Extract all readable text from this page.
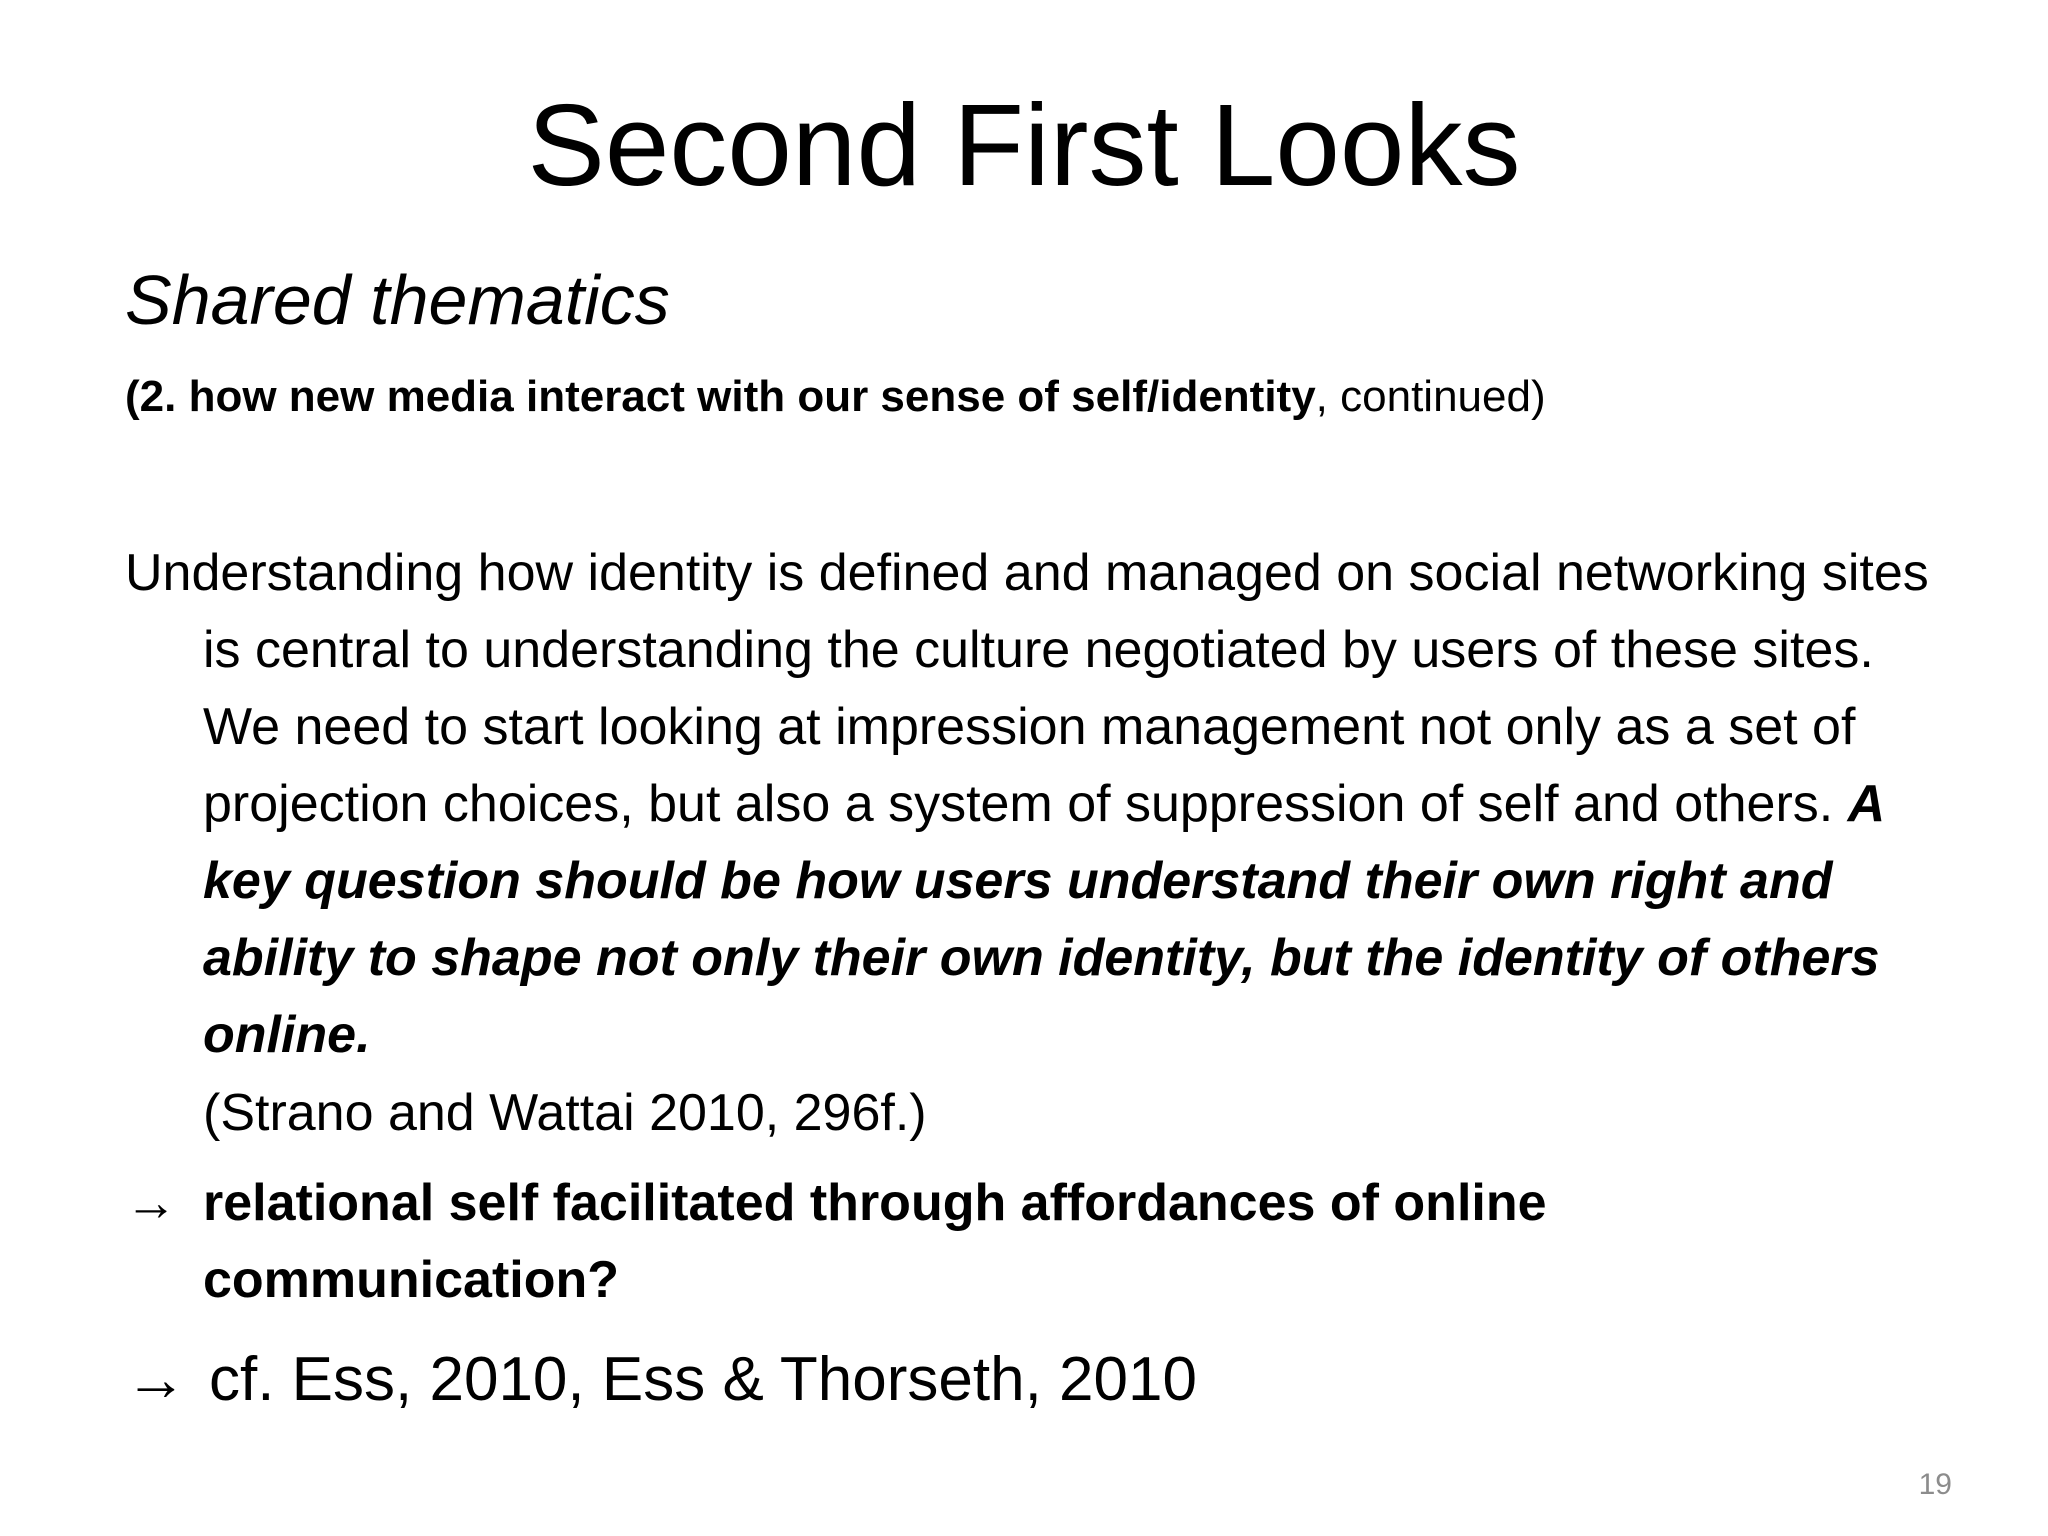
Second First Looks

Shared thematics

(2. how new media interact with our sense of self/identity, continued)

Understanding how identity is defined and managed on social networking sites is central to understanding the culture negotiated by users of these sites. We need to start looking at impression management not only as a set of projection choices, but also a system of suppression of self and others. A key question should be how users understand their own right and ability to shape not only their own identity, but the identity of others online.

(Strano and Wattai 2010, 296f.)

→ relational self facilitated through affordances of online communication?

→ cf. Ess, 2010, Ess & Thorseth, 2010

19
